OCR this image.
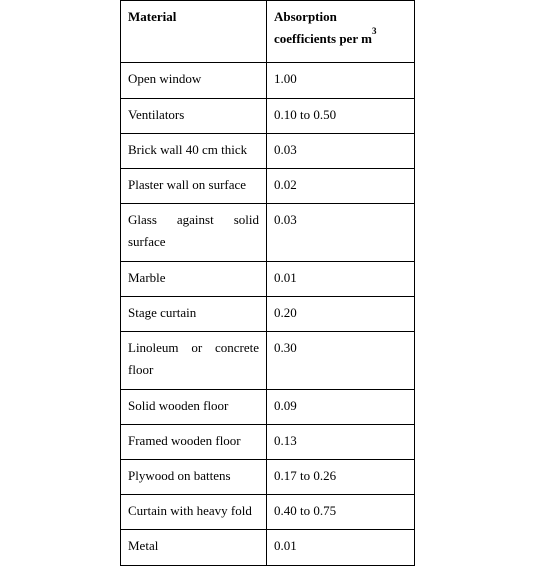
Material	Absorption
coefficients per $m^3$
Open window	1.00
Ventilators	0.10 to 0.50
Brick wall 40 cm thick	0.03
Plaster wall on surface	0.02

Glass against solid
surface	0.03
Marble	0.01
Stage curtain	0.20

Linoleum or concrete
floor	0.30
Solid wooden floor	0.09
Framed wooden floor	0.13
Plywood on battens	0.17 to 0.26
Curtain with heavy fold	0.40 to 0.75
Metal	0.01
